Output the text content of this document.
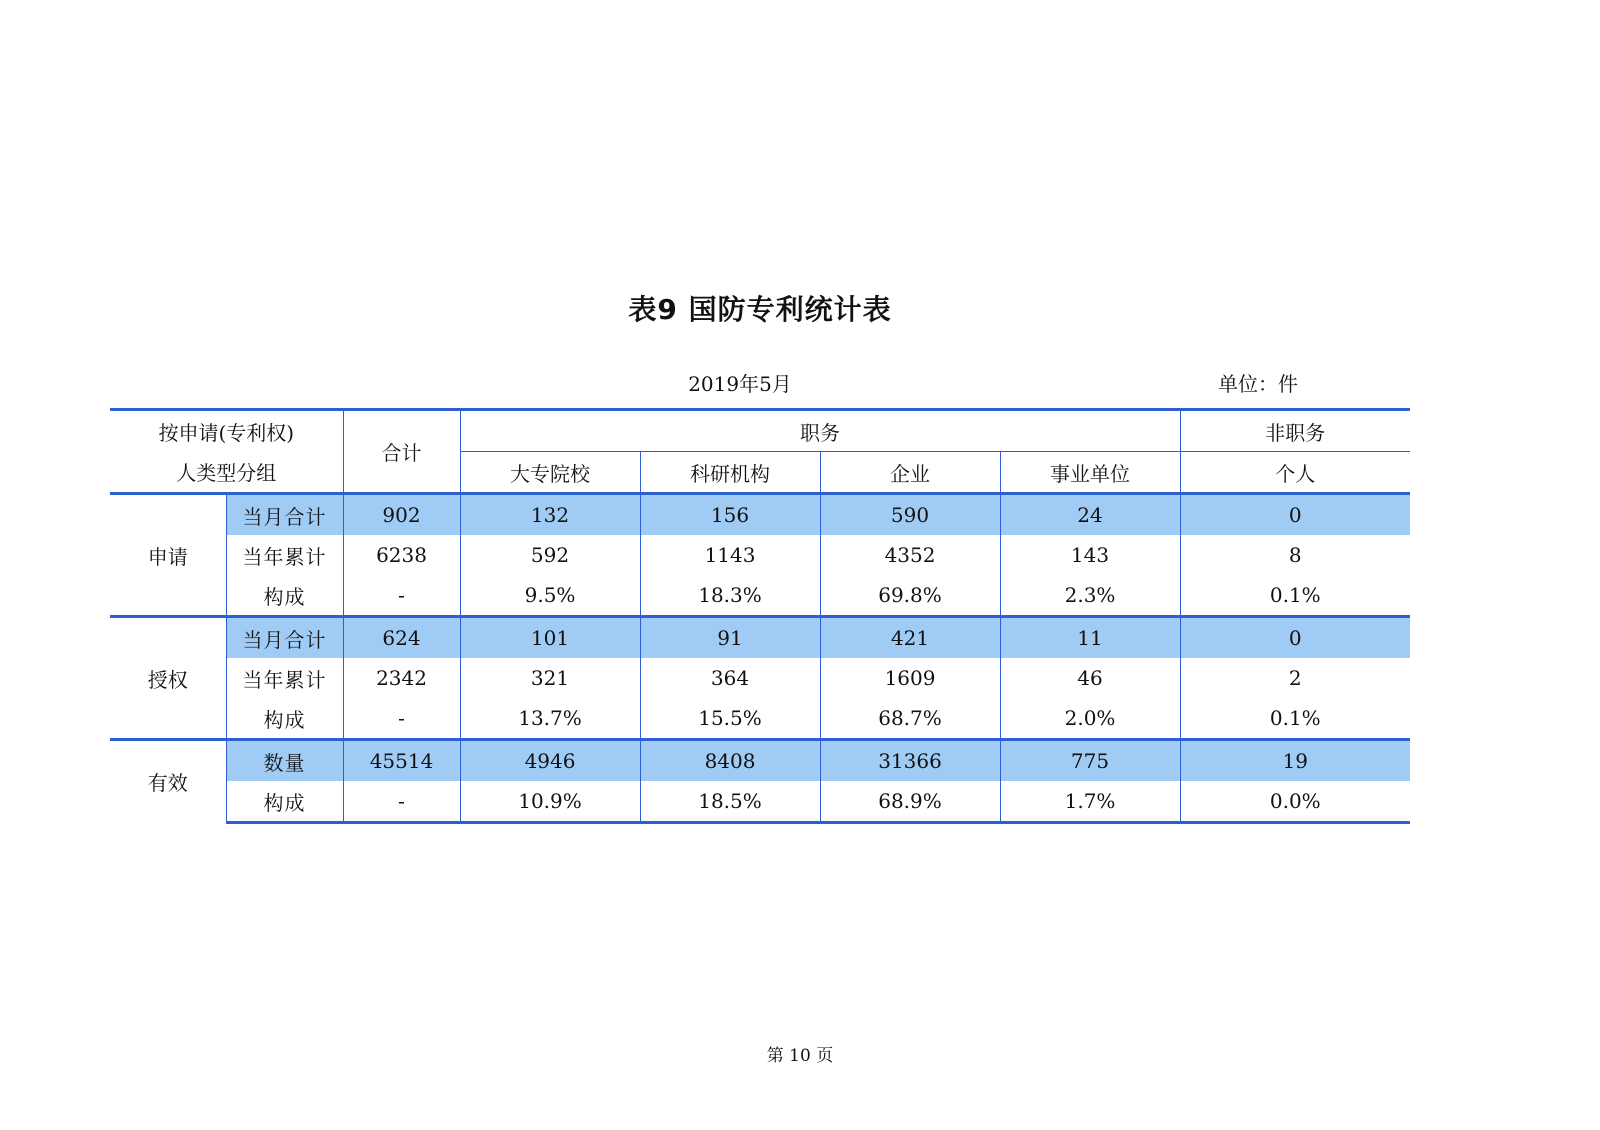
表9 国防专利统计表
2019年5月	单位：件
按申请(专利权)		合计	职务				非职务
人类型分组			大专院校	科研机构	企业	事业单位	个人
申请	当月合计	902	132	156	590	24	0
	当年累计	6238	592	1143	4352	143	8
	构成	-	9.5%	18.3%	69.8%	2.3%	0.1%
授权	当月合计	624	101	91	421	11	0
	当年累计	2342	321	364	1609	46	2
	构成	-	13.7%	15.5%	68.7%	2.0%	0.1%
有效	数量	45514	4946	8408	31366	775	19
	构成	-	10.9%	18.5%	68.9%	1.7%	0.0%
第 10 页
